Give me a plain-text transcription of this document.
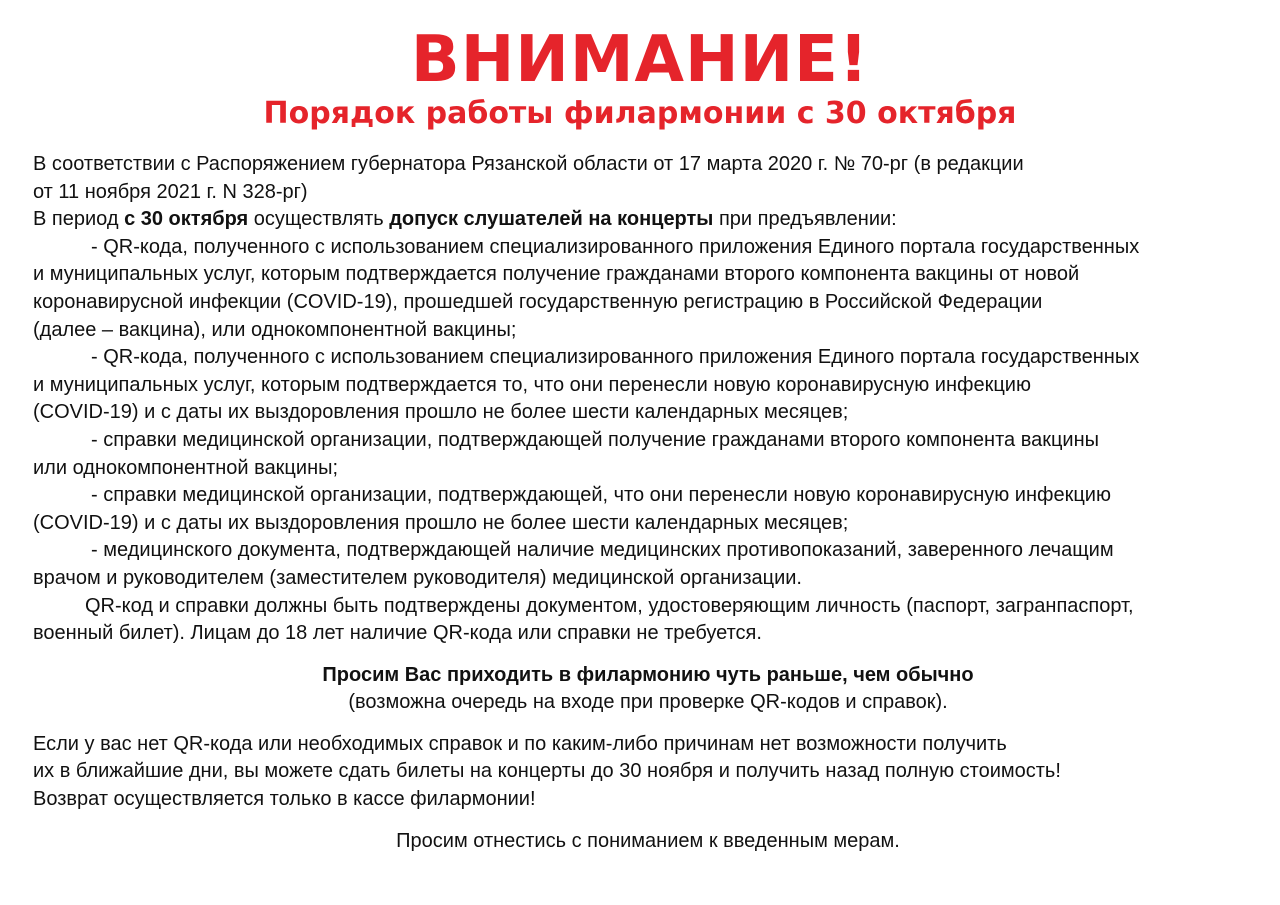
ВНИМАНИЕ!
Порядок работы филармонии с 30 октября
В соответствии с Распоряжением губернатора Рязанской области от 17 марта 2020 г. № 70-рг (в редакции
от 11 ноября 2021 г. N 328-рг)
В период с 30 октября осуществлять допуск слушателей на концерты при предъявлении:
- QR-кода, полученного с использованием специализированного приложения Единого портала государственных
и муниципальных услуг, которым подтверждается получение гражданами второго компонента вакцины от новой
коронавирусной инфекции (COVID-19), прошедшей государственную регистрацию в Российской Федерации
(далее – вакцина), или однокомпонентной вакцины;
- QR-кода, полученного с использованием специализированного приложения Единого портала государственных
и муниципальных услуг, которым подтверждается то, что они перенесли новую коронавирусную инфекцию
(COVID-19) и с даты их выздоровления прошло не более шести календарных месяцев;
- справки медицинской организации, подтверждающей получение гражданами второго компонента вакцины
или однокомпонентной вакцины;
- справки медицинской организации, подтверждающей, что они перенесли новую коронавирусную инфекцию
(COVID-19) и с даты их выздоровления прошло не более шести календарных месяцев;
- медицинского документа, подтверждающей наличие медицинских противопоказаний, заверенного лечащим
врачом и руководителем (заместителем руководителя) медицинской организации.
QR-код и справки должны быть подтверждены документом, удостоверяющим личность (паспорт, загранпаспорт,
военный билет). Лицам до 18 лет наличие QR-кода или справки не требуется.
Просим Вас приходить в филармонию чуть раньше, чем обычно
(возможна очередь на входе при проверке QR-кодов и справок).
Если у вас нет QR-кода или необходимых справок и по каким-либо причинам нет возможности получить
их в ближайшие дни, вы можете сдать билеты на концерты до 30 ноября и получить назад полную стоимость!
Возврат осуществляется только в кассе филармонии!
Просим отнестись с пониманием к введенным мерам.
